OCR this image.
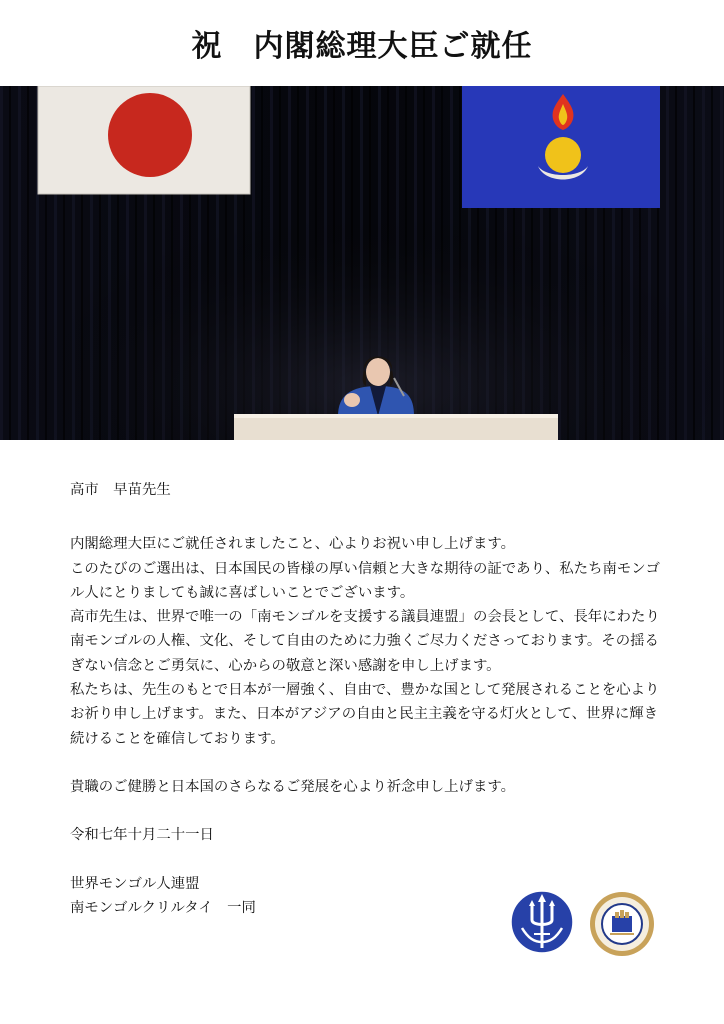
祝　内閣総理大臣ご就任

高市　早苗先生

内閣総理大臣にご就任されましたこと、心よりお祝い申し上げます。

このたびのご選出は、日本国民の皆様の厚い信頼と大きな期待の証であり、私たち南モンゴル人にとりましても誠に喜ばしいことでございます。

高市先生は、世界で唯一の「南モンゴルを支援する議員連盟」の会長として、長年にわたり南モンゴルの人権、文化、そして自由のために力強くご尽力くださっております。その揺るぎない信念とご勇気に、心からの敬意と深い感謝を申し上げます。

私たちは、先生のもとで日本が一層強く、自由で、豊かな国として発展されることを心よりお祈り申し上げます。また、日本がアジアの自由と民主主義を守る灯火として、世界に輝き続けることを確信しております。

貴職のご健勝と日本国のさらなるご発展を心より祈念申し上げます。

令和七年十月二十一日

世界モンゴル人連盟

南モンゴルクリルタイ　一同
